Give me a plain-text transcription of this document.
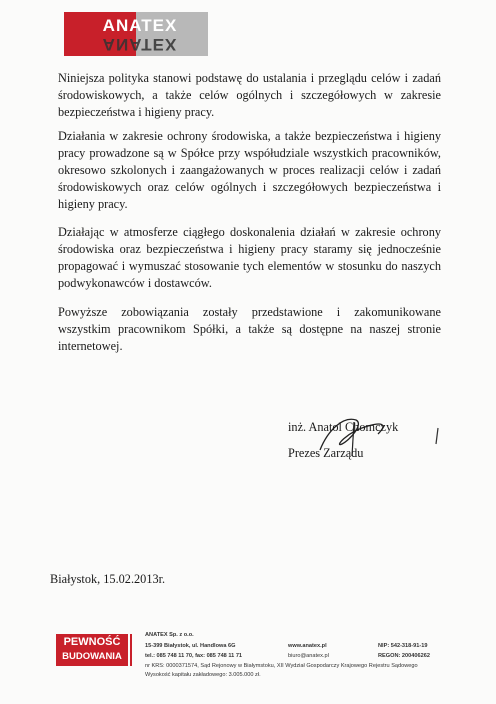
ANATEX
ANATEX

Niniejsza polityka stanowi podstawę do ustalania i przeglądu celów i zadań środowiskowych, a także celów ogólnych i szczegółowych w zakresie bezpieczeństwa i higieny pracy.

Działania w zakresie ochrony środowiska, a także bezpieczeństwa i higieny pracy prowadzone są w Spółce przy współudziale wszystkich pracowników, okresowo szkolonych i zaangażowanych w proces realizacji celów i zadań środowiskowych oraz celów ogólnych i szczegółowych bezpieczeństwa i higieny pracy.

Działając w atmosferze ciągłego doskonalenia działań w zakresie ochrony środowiska oraz bezpieczeństwa i higieny pracy staramy się jednocześnie propagować i wymuszać stosowanie tych elementów w stosunku do naszych podwykonawców i dostawców.

Powyższe zobowiązania zostały przedstawione i zakomunikowane wszystkim pracownikom Spółki, a także są dostępne na naszej stronie internetowej.

inż. Anatol Chomczyk
Prezes Zarządu
Białystok, 15.02.2013r.
PEWNOŚĆ
BUDOWANIA
ANATEX Sp. z o.o.
15-399 Białystok, ul. Handlowa 6G
tel.: 085 748 11 70, fax: 085 748 11 71
www.anatex.pl
biuro@anatex.pl
NIP: 542-318-91-19
REGON: 200406262
nr KRS: 0000371574, Sąd Rejonowy w Białymstoku, XII Wydział Gospodarczy Krajowego Rejestru Sądowego
Wysokość kapitału zakładowego: 3.005.000 zł.
